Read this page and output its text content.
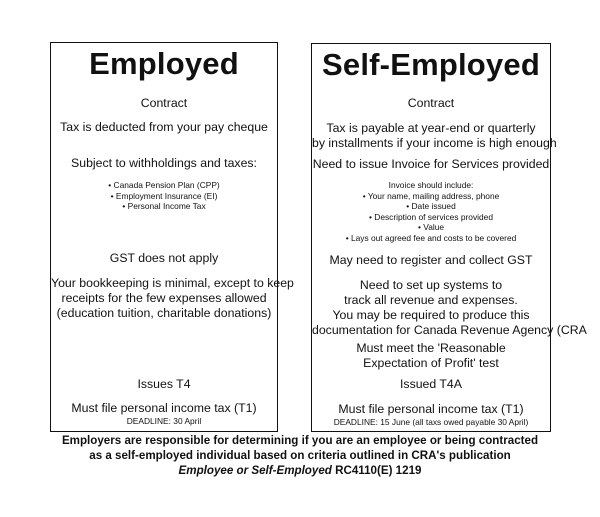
Employed
Contract
Tax is deducted from your pay cheque
Subject to withholdings and taxes:
• Canada Pension Plan (CPP)
• Employment Insurance (EI)
• Personal Income Tax
GST does not apply
Your bookkeeping is minimal, except to keep
receipts for the few expenses allowed
(education tuition, charitable donations)
Issues T4
Must file personal income tax (T1)
DEADLINE: 30 April
Self-Employed
Contract
Tax is payable at year-end or quarterly
by installments if your income is high enough
Need to issue Invoice for Services provided
Invoice should include:
• Your name, mailing address, phone
• Date issued
• Description of services provided
• Value
• Lays out agreed fee and costs to be covered
May need to register and collect GST
Need to set up systems to
track all revenue and expenses.
You may be required to produce this
documentation for Canada Revenue Agency (CRA
Must meet the 'Reasonable
Expectation of Profit' test
Issued T4A
Must file personal income tax (T1)
DEADLINE: 15 June (all taxs owed payable 30 April)
Employers are responsible for determining if you are an employee or being contracted
as a self-employed individual based on criteria outlined in CRA's publication
Employee or Self-Employed RC4110(E) 1219
